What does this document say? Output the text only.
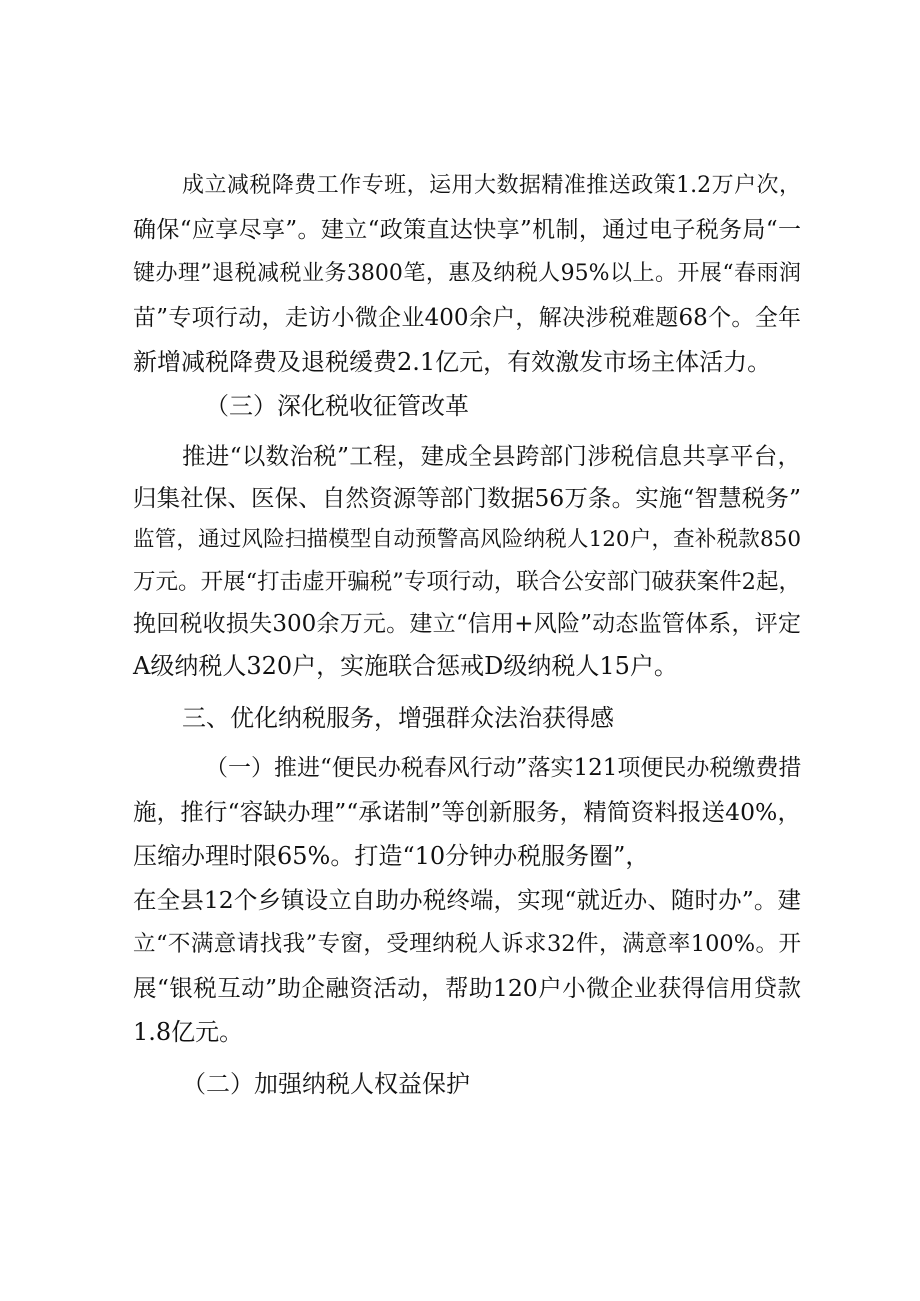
成立减税降费工作专班，运用大数据精准推送政策1.2万户次，
确保“应享尽享”。建立“政策直达快享”机制，通过电子税务局“一
键办理”退税减税业务3800笔，惠及纳税人95%以上。开展“春雨润
苗”专项行动，走访小微企业400余户，解决涉税难题68个。全年
新增减税降费及退税缓费2.1亿元，有效激发市场主体活力。
（三）深化税收征管改革
推进“以数治税”工程，建成全县跨部门涉税信息共享平台，
归集社保、医保、自然资源等部门数据56万条。实施“智慧税务”
监管，通过风险扫描模型自动预警高风险纳税人120户，查补税款850
万元。开展“打击虚开骗税”专项行动，联合公安部门破获案件2起，
挽回税收损失300余万元。建立“信用+风险”动态监管体系，评定
A级纳税人320户，实施联合惩戒D级纳税人15户。
三、优化纳税服务，增强群众法治获得感
（一）推进“便民办税春风行动”落实121项便民办税缴费措
施，推行“容缺办理”“承诺制”等创新服务，精简资料报送40%，
压缩办理时限65%。打造“10分钟办税服务圈”，
在全县12个乡镇设立自助办税终端，实现“就近办、随时办”。建
立“不满意请找我”专窗，受理纳税人诉求32件，满意率100%。开
展“银税互动”助企融资活动，帮助120户小微企业获得信用贷款
1.8亿元。
（二）加强纳税人权益保护
